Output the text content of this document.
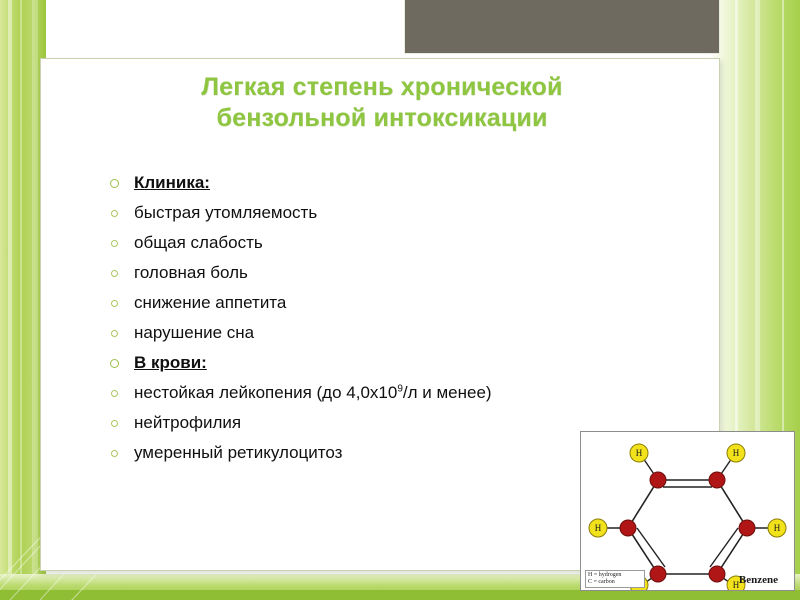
Легкая степень хронической
бензольной интоксикации
Клиника:
быстрая утомляемость
общая слабость
головная боль
снижение аппетита
нарушение сна
В крови:
нестойкая лейкопения (до $4,0х10^9/л$ и менее)
нейтрофилия
умеренный ретикулоцитоз	H	H
H
H
H
H = hydrogen
C = carbon	Benzene
